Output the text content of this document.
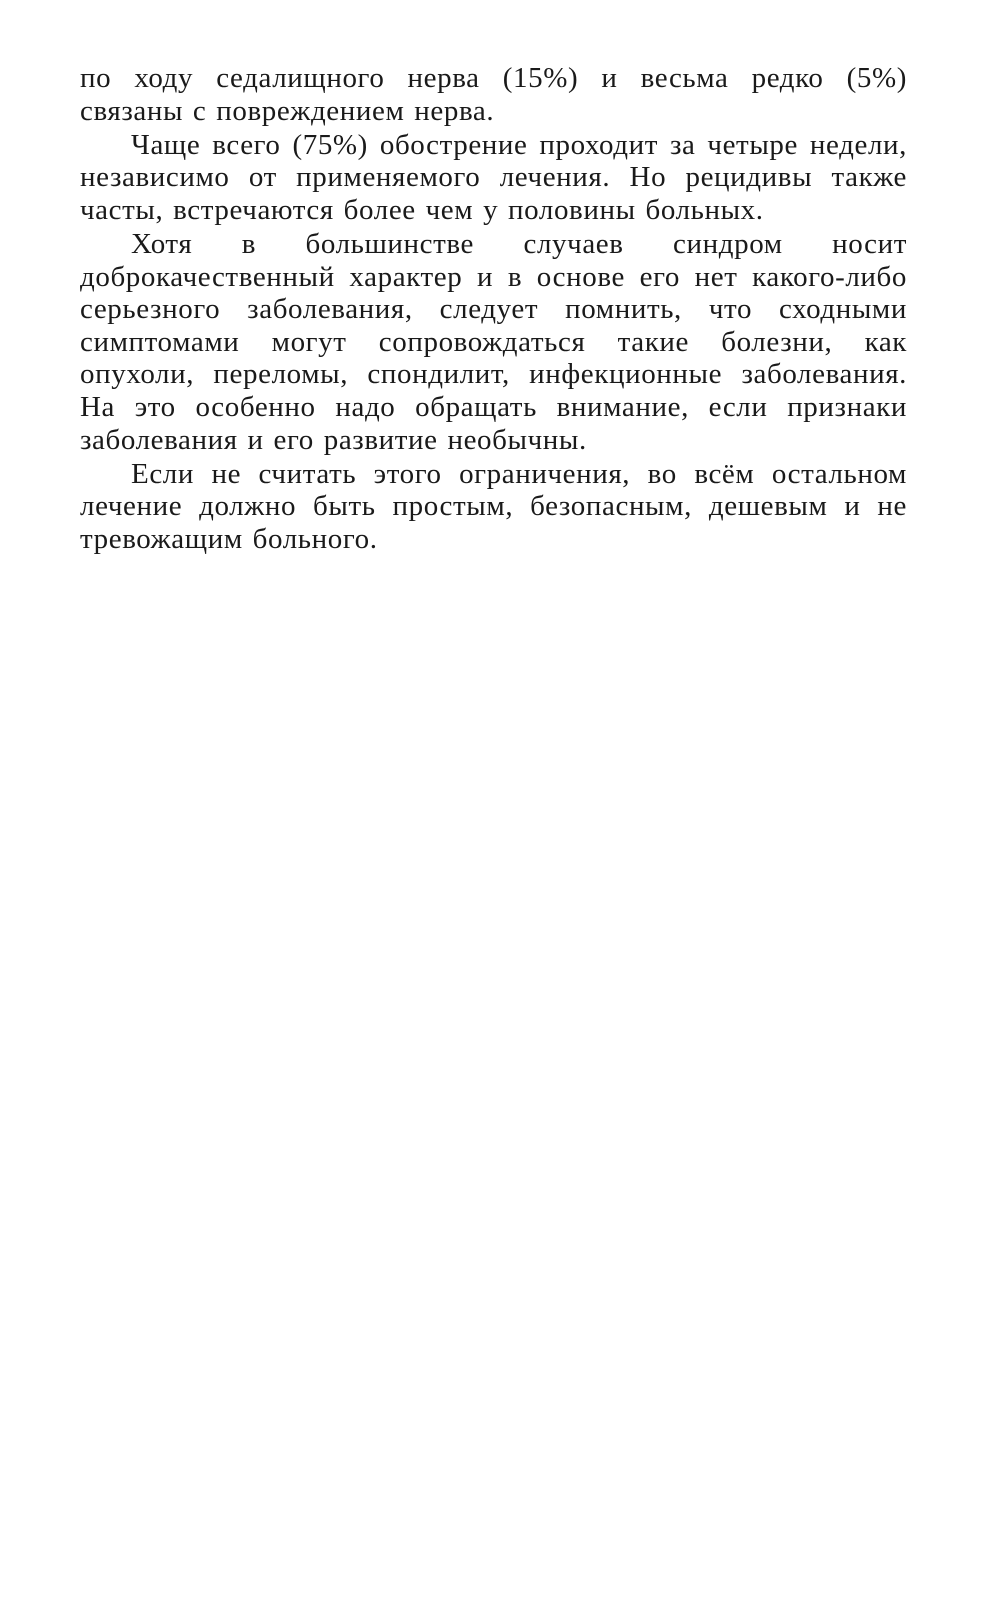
по ходу седалищного нерва (15%) и весьма редко (5%) связаны с повреждением нерва.

Чаще всего (75%) обострение проходит за четыре недели, независимо от применяемого лечения. Но рецидивы также часты, встречаются более чем у половины больных.

Хотя в большинстве случаев синдром носит доброкачественный характер и в основе его нет какого-либо серьезного заболевания, следует помнить, что сходными симптомами могут сопровождаться такие болезни, как опухоли, переломы, спондилит, инфекционные заболевания. На это особенно надо обращать внимание, если признаки заболевания и его развитие необычны.

Если не считать этого ограничения, во всём остальном лечение должно быть простым, безопасным, дешевым и не тревожащим больного.
